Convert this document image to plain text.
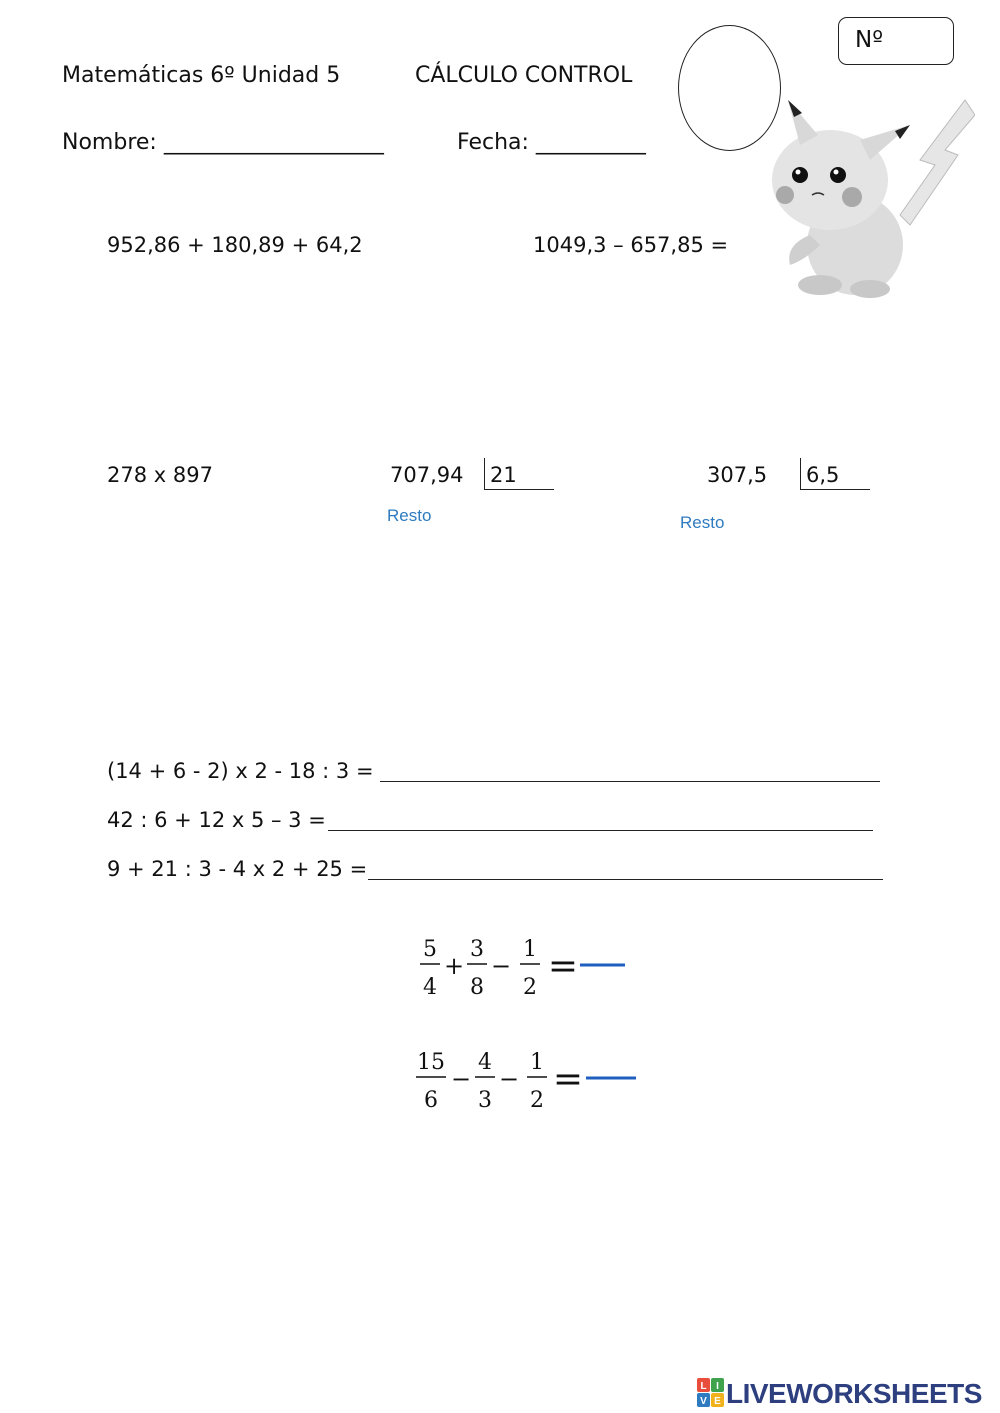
Matemáticas 6º Unidad 5	CÁLCULO CONTROL
Nº
Nombre: ____________________	Fecha: __________
952,86 + 180,89 + 64,2	1049,3 – 657,85 =
278 x 897	707,94 21
Resto
307,5 6,5
Resto
(14 + 6 - 2) x 2 - 18 : 3 =
42 : 6 + 12 x 5 – 3 =
9 + 21 : 3 - 4 x 2 + 25 =
5
4
+
3
8
−
1
2
=
15
6
−
4
3
−
1
2
=
L I
V E LIVEWORKSHEETS
